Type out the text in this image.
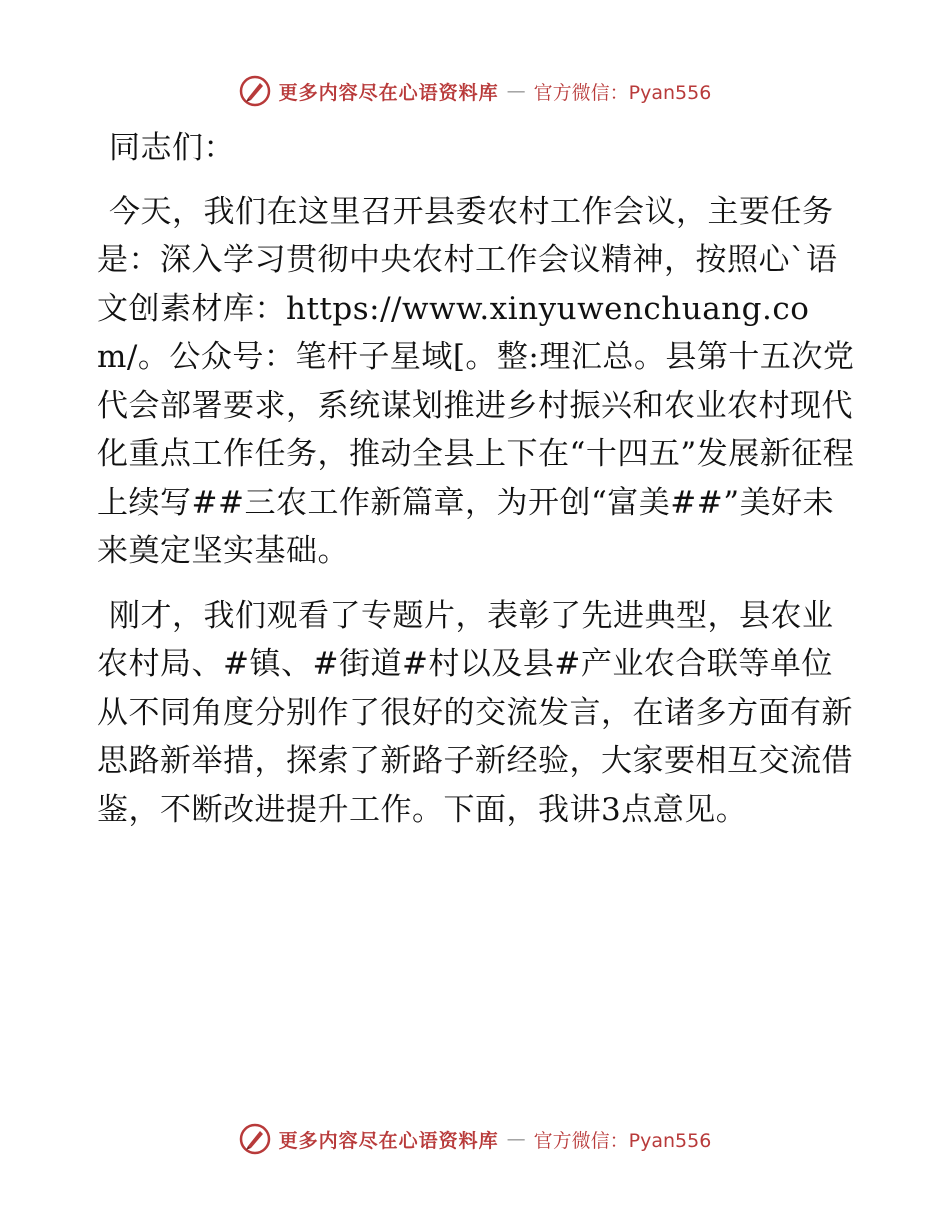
更多内容尽在心语资料库 — 官方微信：Pyan556

同志们：

今天，我们在这里召开县委农村工作会议，主要任务是：深入学习贯彻中央农村工作会议精神，按照心`语文创素材库：https://www.xinyuwenchuang.com/。公众号：笔杆子星域[。整:理汇总。县第十五次党代会部署要求，系统谋划推进乡村振兴和农业农村现代化重点工作任务，推动全县上下在“十四五”发展新征程上续写##三农工作新篇章，为开创“富美##”美好未来奠定坚实基础。

刚才，我们观看了专题片，表彰了先进典型，县农业农村局、#镇、#街道#村以及县#产业农合联等单位从不同角度分别作了很好的交流发言，在诸多方面有新思路新举措，探索了新路子新经验，大家要相互交流借鉴，不断改进提升工作。下面，我讲3点意见。

更多内容尽在心语资料库 — 官方微信：Pyan556
